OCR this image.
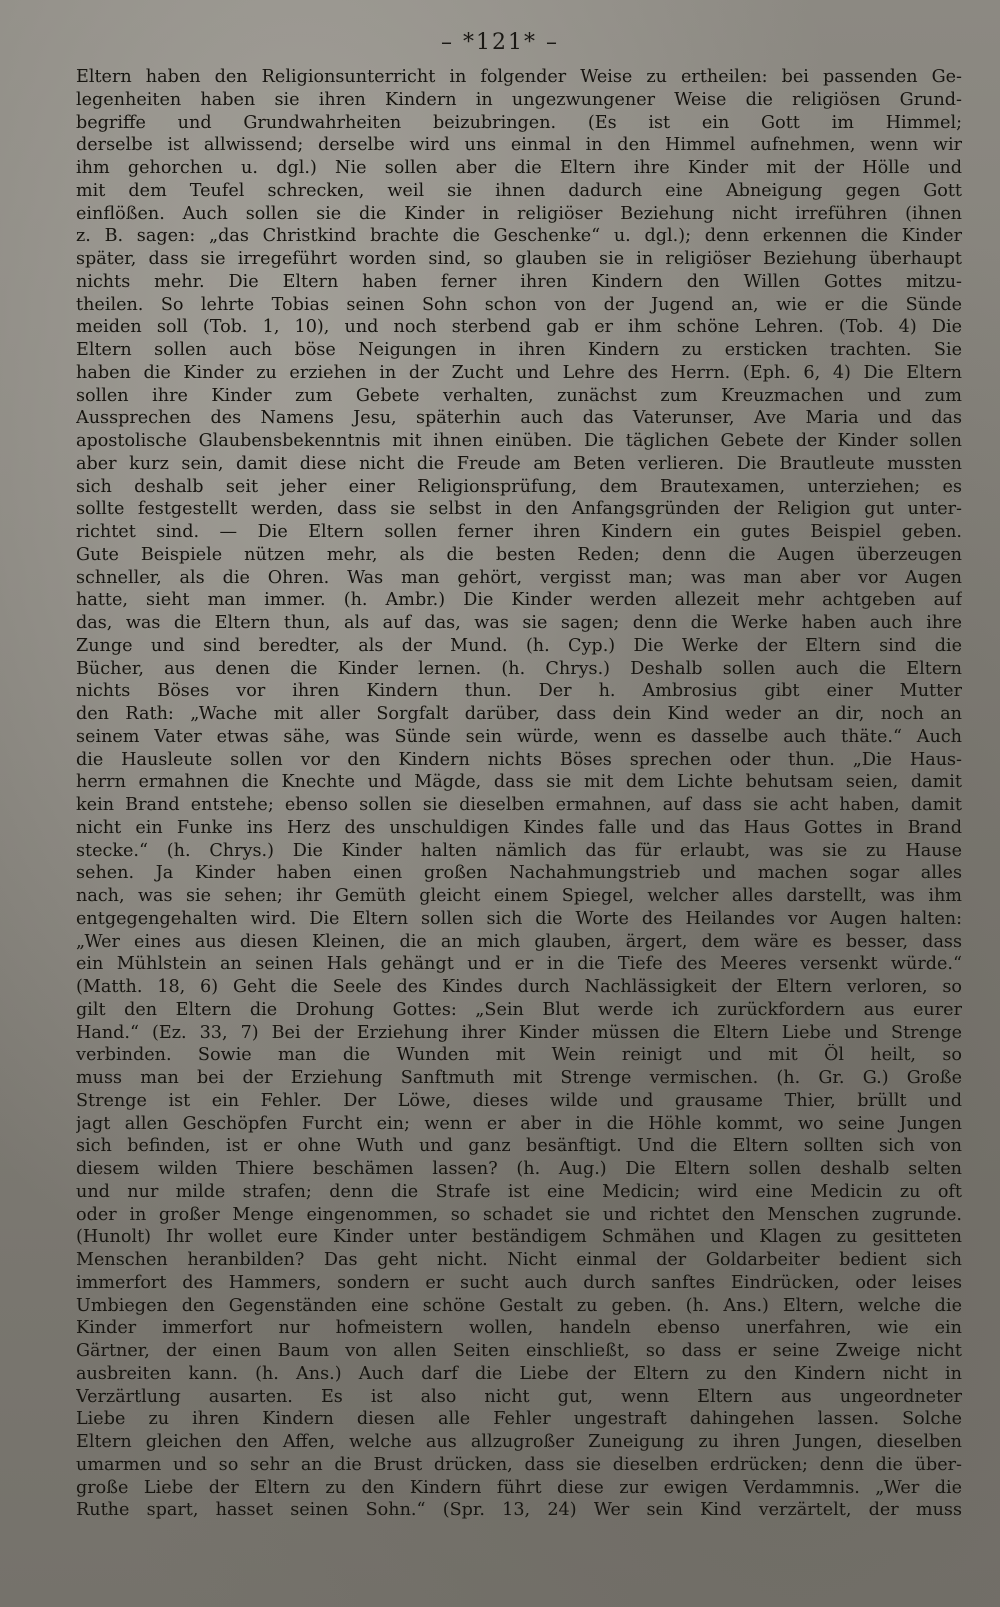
– *121* –
Eltern haben den Religionsunterricht in folgender Weise zu ertheilen: bei passenden Ge-
legenheiten haben sie ihren Kindern in ungezwungener Weise die religiösen Grund-
begriffe und Grundwahrheiten beizubringen. (Es ist ein Gott im Himmel;
derselbe ist allwissend; derselbe wird uns einmal in den Himmel aufnehmen, wenn wir
ihm gehorchen u. dgl.) Nie sollen aber die Eltern ihre Kinder mit der Hölle und
mit dem Teufel schrecken, weil sie ihnen dadurch eine Abneigung gegen Gott
einflößen. Auch sollen sie die Kinder in religiöser Beziehung nicht irreführen (ihnen
z. B. sagen: „das Christkind brachte die Geschenke“ u. dgl.); denn erkennen die Kinder
später, dass sie irregeführt worden sind, so glauben sie in religiöser Beziehung überhaupt
nichts mehr. Die Eltern haben ferner ihren Kindern den Willen Gottes mitzu-
theilen. So lehrte Tobias seinen Sohn schon von der Jugend an, wie er die Sünde
meiden soll (Tob. 1, 10), und noch sterbend gab er ihm schöne Lehren. (Tob. 4) Die
Eltern sollen auch böse Neigungen in ihren Kindern zu ersticken trachten. Sie
haben die Kinder zu erziehen in der Zucht und Lehre des Herrn. (Eph. 6, 4) Die Eltern
sollen ihre Kinder zum Gebete verhalten, zunächst zum Kreuzmachen und zum
Aussprechen des Namens Jesu, späterhin auch das Vaterunser, Ave Maria und das
apostolische Glaubensbekenntnis mit ihnen einüben. Die täglichen Gebete der Kinder sollen
aber kurz sein, damit diese nicht die Freude am Beten verlieren. Die Brautleute mussten
sich deshalb seit jeher einer Religionsprüfung, dem Brautexamen, unterziehen; es
sollte festgestellt werden, dass sie selbst in den Anfangsgründen der Religion gut unter-
richtet sind. — Die Eltern sollen ferner ihren Kindern ein gutes Beispiel geben.
Gute Beispiele nützen mehr, als die besten Reden; denn die Augen überzeugen
schneller, als die Ohren. Was man gehört, vergisst man; was man aber vor Augen
hatte, sieht man immer. (h. Ambr.) Die Kinder werden allezeit mehr achtgeben auf
das, was die Eltern thun, als auf das, was sie sagen; denn die Werke haben auch ihre
Zunge und sind beredter, als der Mund. (h. Cyp.) Die Werke der Eltern sind die
Bücher, aus denen die Kinder lernen. (h. Chrys.) Deshalb sollen auch die Eltern
nichts Böses vor ihren Kindern thun. Der h. Ambrosius gibt einer Mutter
den Rath: „Wache mit aller Sorgfalt darüber, dass dein Kind weder an dir, noch an
seinem Vater etwas sähe, was Sünde sein würde, wenn es dasselbe auch thäte.“ Auch
die Hausleute sollen vor den Kindern nichts Böses sprechen oder thun. „Die Haus-
herrn ermahnen die Knechte und Mägde, dass sie mit dem Lichte behutsam seien, damit
kein Brand entstehe; ebenso sollen sie dieselben ermahnen, auf dass sie acht haben, damit
nicht ein Funke ins Herz des unschuldigen Kindes falle und das Haus Gottes in Brand
stecke.“ (h. Chrys.) Die Kinder halten nämlich das für erlaubt, was sie zu Hause
sehen. Ja Kinder haben einen großen Nachahmungstrieb und machen sogar alles
nach, was sie sehen; ihr Gemüth gleicht einem Spiegel, welcher alles darstellt, was ihm
entgegengehalten wird. Die Eltern sollen sich die Worte des Heilandes vor Augen halten:
„Wer eines aus diesen Kleinen, die an mich glauben, ärgert, dem wäre es besser, dass
ein Mühlstein an seinen Hals gehängt und er in die Tiefe des Meeres versenkt würde.“
(Matth. 18, 6) Geht die Seele des Kindes durch Nachlässigkeit der Eltern verloren, so
gilt den Eltern die Drohung Gottes: „Sein Blut werde ich zurückfordern aus eurer
Hand.“ (Ez. 33, 7) Bei der Erziehung ihrer Kinder müssen die Eltern Liebe und Strenge
verbinden. Sowie man die Wunden mit Wein reinigt und mit Öl heilt, so
muss man bei der Erziehung Sanftmuth mit Strenge vermischen. (h. Gr. G.) Große
Strenge ist ein Fehler. Der Löwe, dieses wilde und grausame Thier, brüllt und
jagt allen Geschöpfen Furcht ein; wenn er aber in die Höhle kommt, wo seine Jungen
sich befinden, ist er ohne Wuth und ganz besänftigt. Und die Eltern sollten sich von
diesem wilden Thiere beschämen lassen? (h. Aug.) Die Eltern sollen deshalb selten
und nur milde strafen; denn die Strafe ist eine Medicin; wird eine Medicin zu oft
oder in großer Menge eingenommen, so schadet sie und richtet den Menschen zugrunde.
(Hunolt) Ihr wollet eure Kinder unter beständigem Schmähen und Klagen zu gesitteten
Menschen heranbilden? Das geht nicht. Nicht einmal der Goldarbeiter bedient sich
immerfort des Hammers, sondern er sucht auch durch sanftes Eindrücken, oder leises
Umbiegen den Gegenständen eine schöne Gestalt zu geben. (h. Ans.) Eltern, welche die
Kinder immerfort nur hofmeistern wollen, handeln ebenso unerfahren, wie ein
Gärtner, der einen Baum von allen Seiten einschließt, so dass er seine Zweige nicht
ausbreiten kann. (h. Ans.) Auch darf die Liebe der Eltern zu den Kindern nicht in
Verzärtlung ausarten. Es ist also nicht gut, wenn Eltern aus ungeordneter
Liebe zu ihren Kindern diesen alle Fehler ungestraft dahingehen lassen. Solche
Eltern gleichen den Affen, welche aus allzugroßer Zuneigung zu ihren Jungen, dieselben
umarmen und so sehr an die Brust drücken, dass sie dieselben erdrücken; denn die über-
große Liebe der Eltern zu den Kindern führt diese zur ewigen Verdammnis. „Wer die
Ruthe spart, hasset seinen Sohn.“ (Spr. 13, 24) Wer sein Kind verzärtelt, der muss
